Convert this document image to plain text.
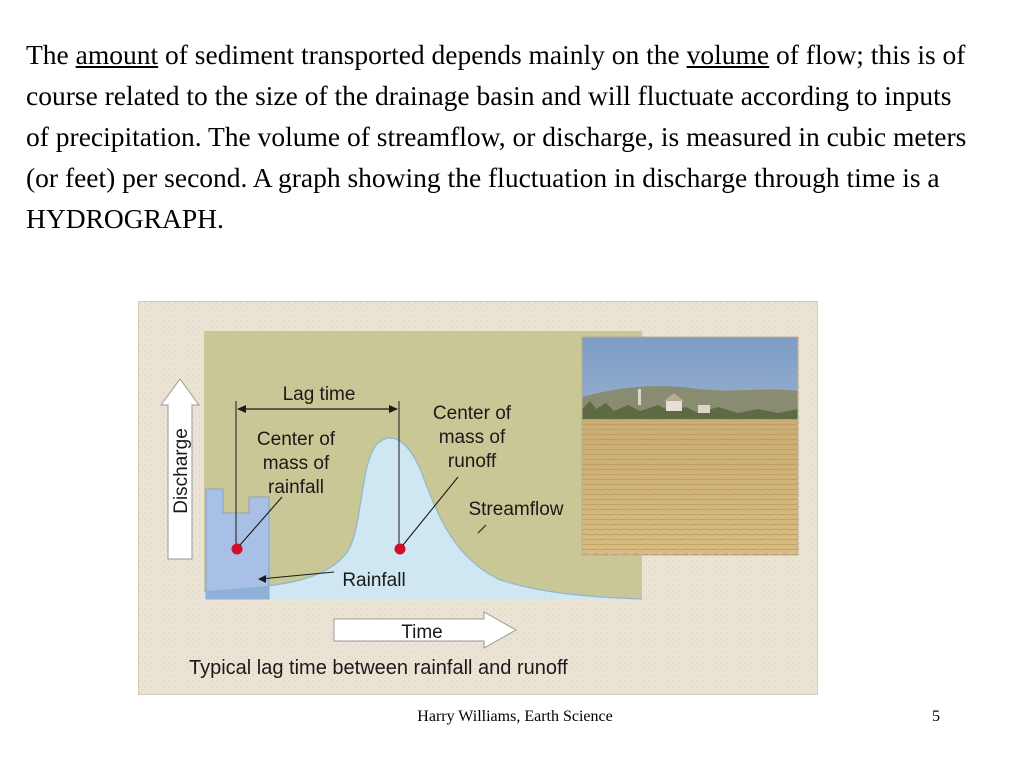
The amount of sediment transported depends mainly on the volume of flow; this is of course related to the size of the drainage basin and will fluctuate according to inputs of precipitation. The volume of streamflow, or discharge, is measured in cubic meters (or feet) per second. A graph showing the fluctuation in discharge through time is a HYDROGRAPH.

Lag time
Center of
mass of
rainfall
Center of
mass of
runoff
Streamflow
Rainfall
Discharge
Time
Typical lag time between rainfall and runoff
Harry Williams, Earth Science	5
